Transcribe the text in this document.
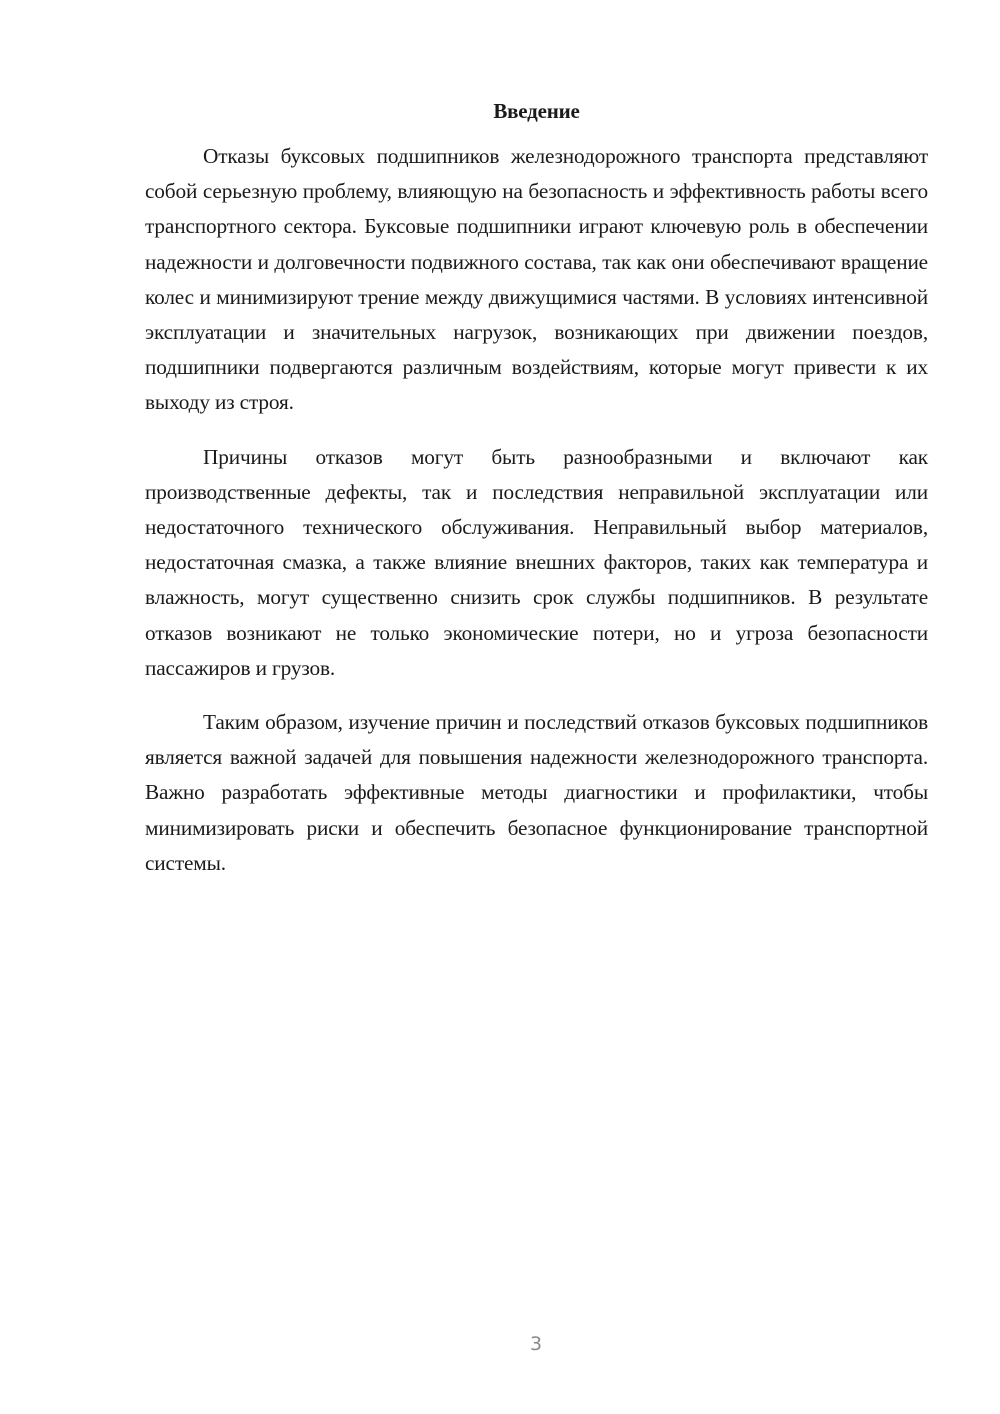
Введение

Отказы буксовых подшипников железнодорожного транспорта представляют собой серьезную проблему, влияющую на безопасность и эффективность работы всего транспортного сектора. Буксовые подшипники играют ключевую роль в обеспечении надежности и долговечности подвижного состава, так как они обеспечивают вращение колес и минимизируют трение между движущимися частями. В условиях интенсивной эксплуатации и значительных нагрузок, возникающих при движении поездов, подшипники подвергаются различным воздействиям, которые могут привести к их выходу из строя.

Причины отказов могут быть разнообразными и включают как производственные дефекты, так и последствия неправильной эксплуатации или недостаточного технического обслуживания. Неправильный выбор материалов, недостаточная смазка, а также влияние внешних факторов, таких как температура и влажность, могут существенно снизить срок службы подшипников. В результате отказов возникают не только экономические потери, но и угроза безопасности пассажиров и грузов.

Таким образом, изучение причин и последствий отказов буксовых подшипников является важной задачей для повышения надежности железнодорожного транспорта. Важно разработать эффективные методы диагностики и профилактики, чтобы минимизировать риски и обеспечить безопасное функционирование транспортной системы.

3
